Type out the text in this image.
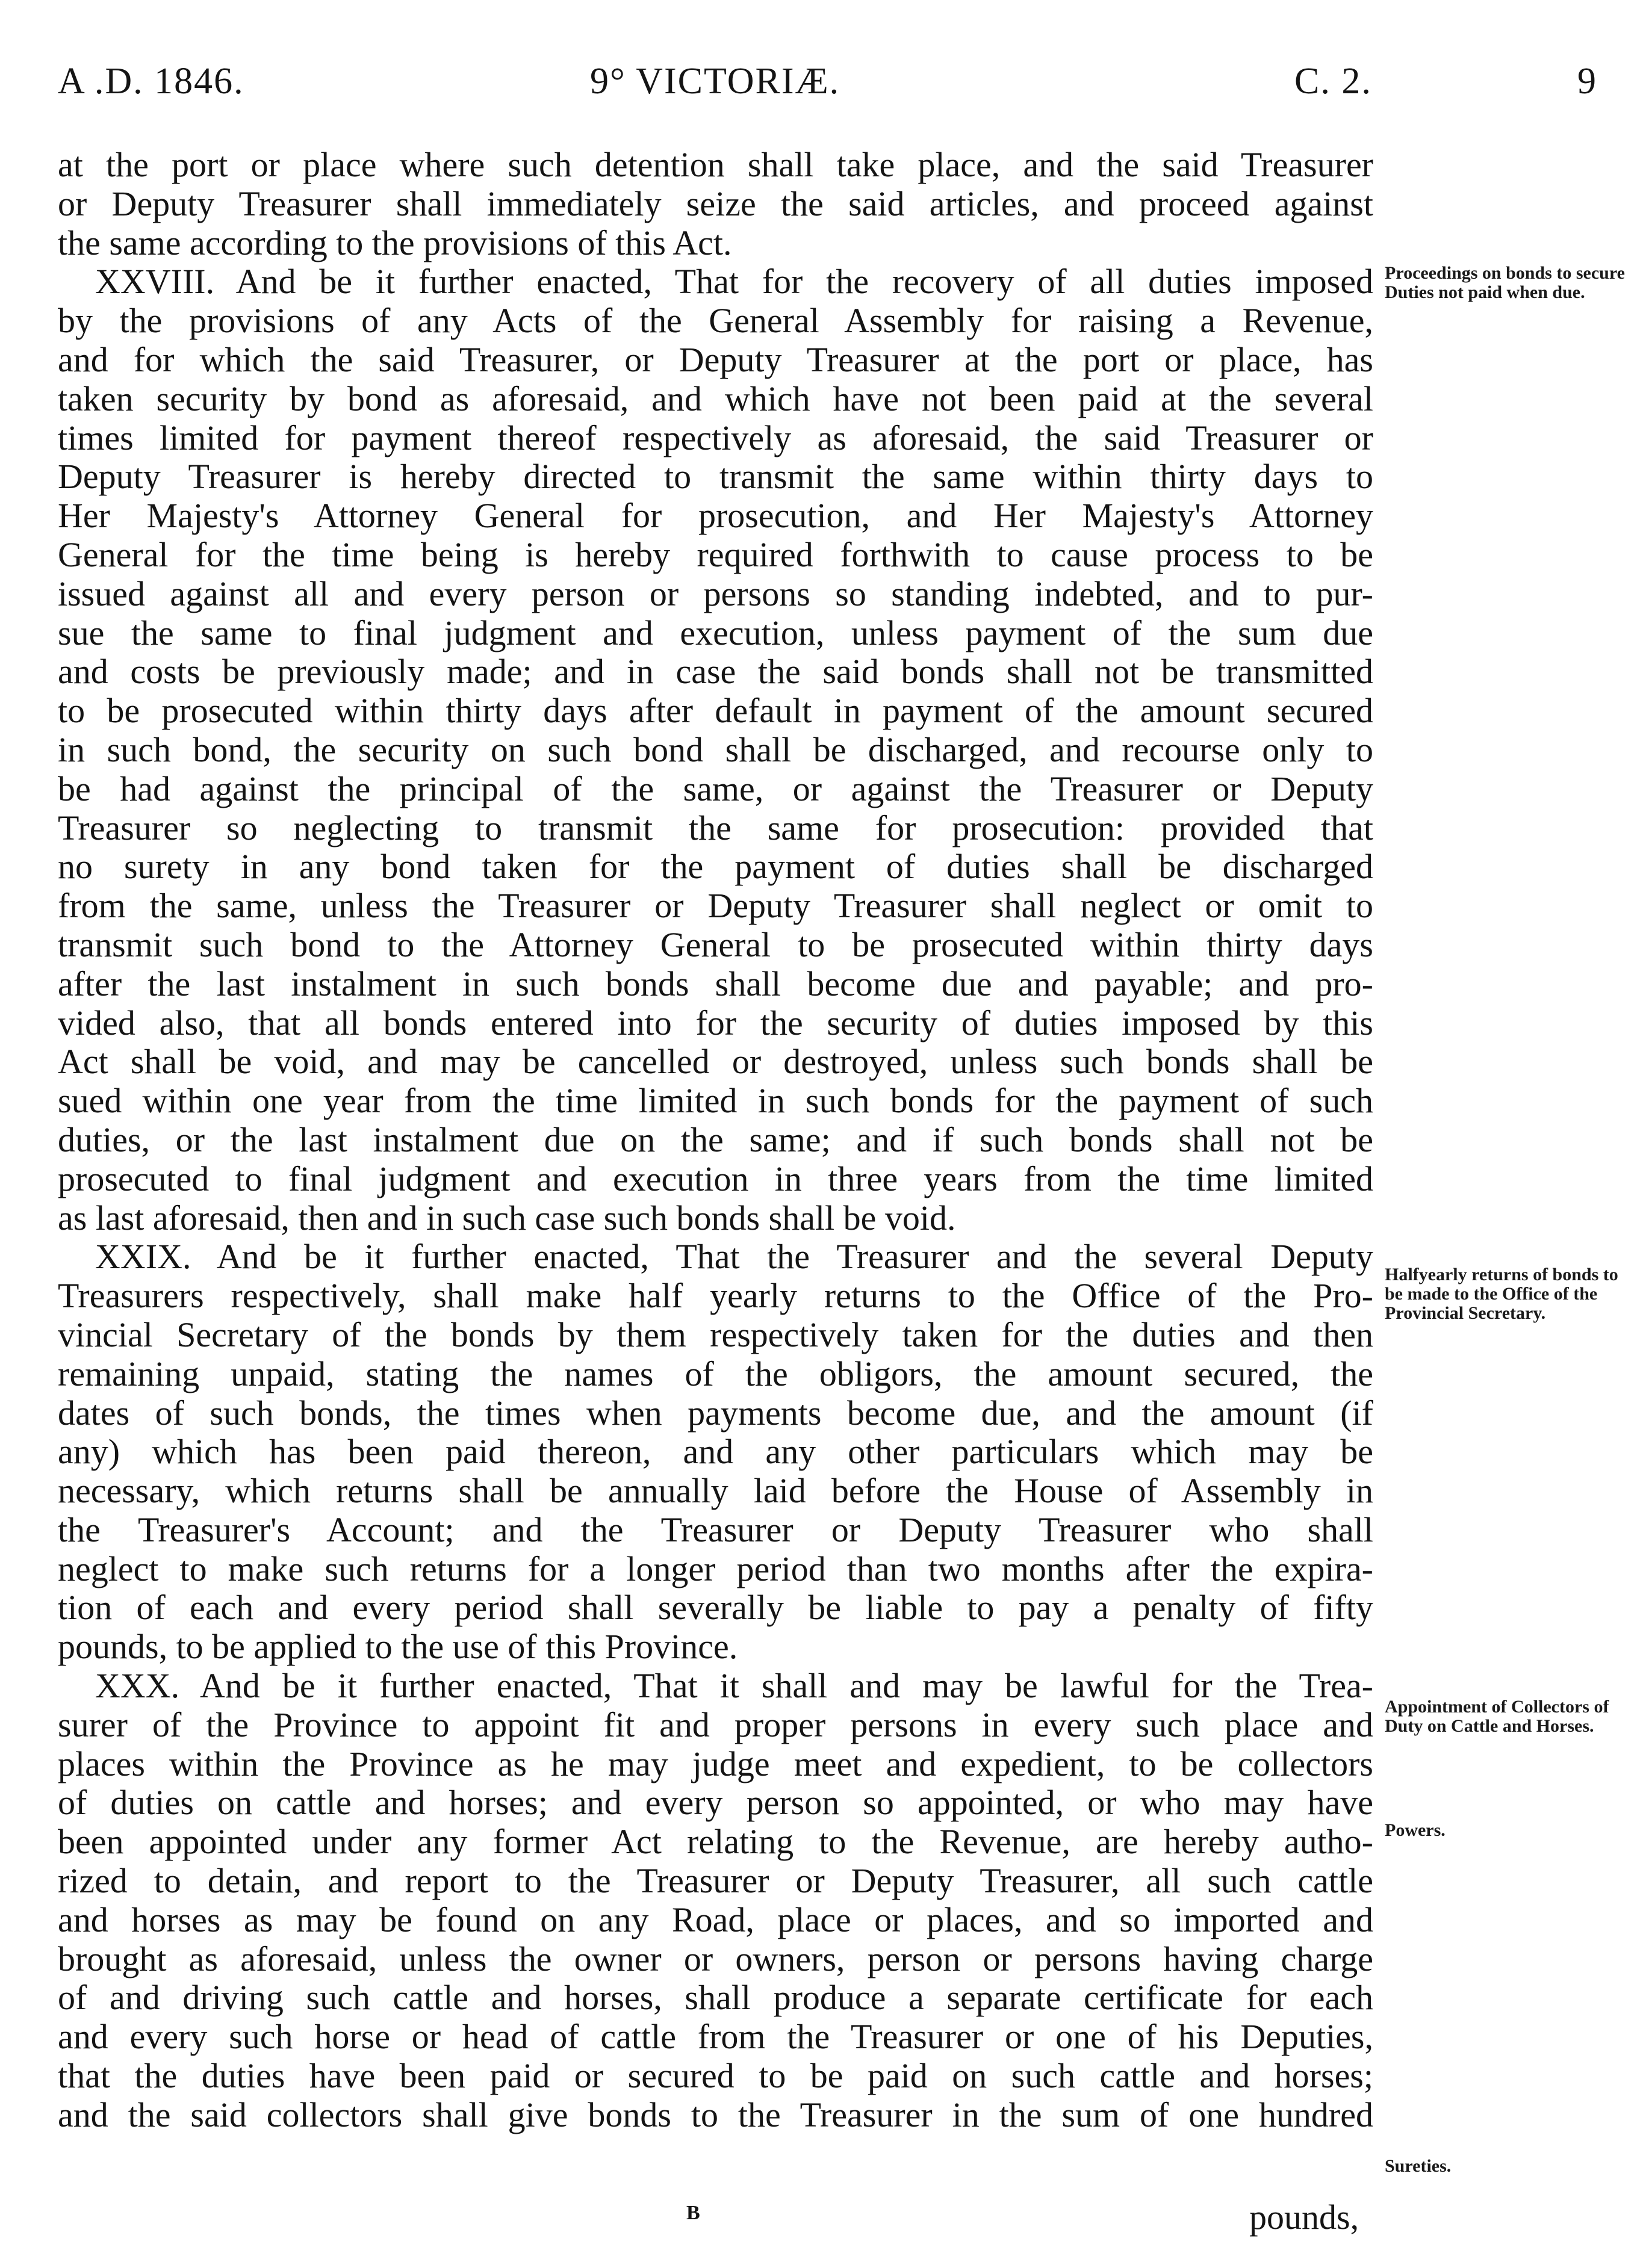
A .D. 1846.	9° VICTORIÆ.	C. 2.	9
at the port or place where such detention shall take place, and the said Treasurer
or Deputy Treasurer shall immediately seize the said articles, and proceed against
the same according to the provisions of this Act.
XXVIII. And be it further enacted, That for the recovery of all duties imposed
by the provisions of any Acts of the General Assembly for raising a Revenue,
and for which the said Treasurer, or Deputy Treasurer at the port or place, has
taken security by bond as aforesaid, and which have not been paid at the several
times limited for payment thereof respectively as aforesaid, the said Treasurer or
Deputy Treasurer is hereby directed to transmit the same within thirty days to
Her Majesty's Attorney General for prosecution, and Her Majesty's Attorney
General for the time being is hereby required forthwith to cause process to be
issued against all and every person or persons so standing indebted, and to pur-
sue the same to final judgment and execution, unless payment of the sum due
and costs be previously made; and in case the said bonds shall not be transmitted
to be prosecuted within thirty days after default in payment of the amount secured
in such bond, the security on such bond shall be discharged, and recourse only to
be had against the principal of the same, or against the Treasurer or Deputy
Treasurer so neglecting to transmit the same for prosecution: provided that
no surety in any bond taken for the payment of duties shall be discharged
from the same, unless the Treasurer or Deputy Treasurer shall neglect or omit to
transmit such bond to the Attorney General to be prosecuted within thirty days
after the last instalment in such bonds shall become due and payable; and pro-
vided also, that all bonds entered into for the security of duties imposed by this
Act shall be void, and may be cancelled or destroyed, unless such bonds shall be
sued within one year from the time limited in such bonds for the payment of such
duties, or the last instalment due on the same; and if such bonds shall not be
prosecuted to final judgment and execution in three years from the time limited
as last aforesaid, then and in such case such bonds shall be void.
XXIX. And be it further enacted, That the Treasurer and the several Deputy
Treasurers respectively, shall make half yearly returns to the Office of the Pro-
vincial Secretary of the bonds by them respectively taken for the duties and then
remaining unpaid, stating the names of the obligors, the amount secured, the
dates of such bonds, the times when payments become due, and the amount (if
any) which has been paid thereon, and any other particulars which may be
necessary, which returns shall be annually laid before the House of Assembly in
the Treasurer's Account; and the Treasurer or Deputy Treasurer who shall
neglect to make such returns for a longer period than two months after the expira-
tion of each and every period shall severally be liable to pay a penalty of fifty
pounds, to be applied to the use of this Province.
XXX. And be it further enacted, That it shall and may be lawful for the Trea-
surer of the Province to appoint fit and proper persons in every such place and
places within the Province as he may judge meet and expedient, to be collectors
of duties on cattle and horses; and every person so appointed, or who may have
been appointed under any former Act relating to the Revenue, are hereby autho-
rized to detain, and report to the Treasurer or Deputy Treasurer, all such cattle
and horses as may be found on any Road, place or places, and so imported and
brought as aforesaid, unless the owner or owners, person or persons having charge
of and driving such cattle and horses, shall produce a separate certificate for each
and every such horse or head of cattle from the Treasurer or one of his Deputies,
that the duties have been paid or secured to be paid on such cattle and horses;
and the said collectors shall give bonds to the Treasurer in the sum of one hundred
Proceedings on bonds to secure Duties not paid when due.
Halfyearly returns of bonds to be made to the Office of the Provincial Secretary.
Appointment of Collectors of Duty on Cattle and Horses.
Powers.
Sureties.
B	pounds,
